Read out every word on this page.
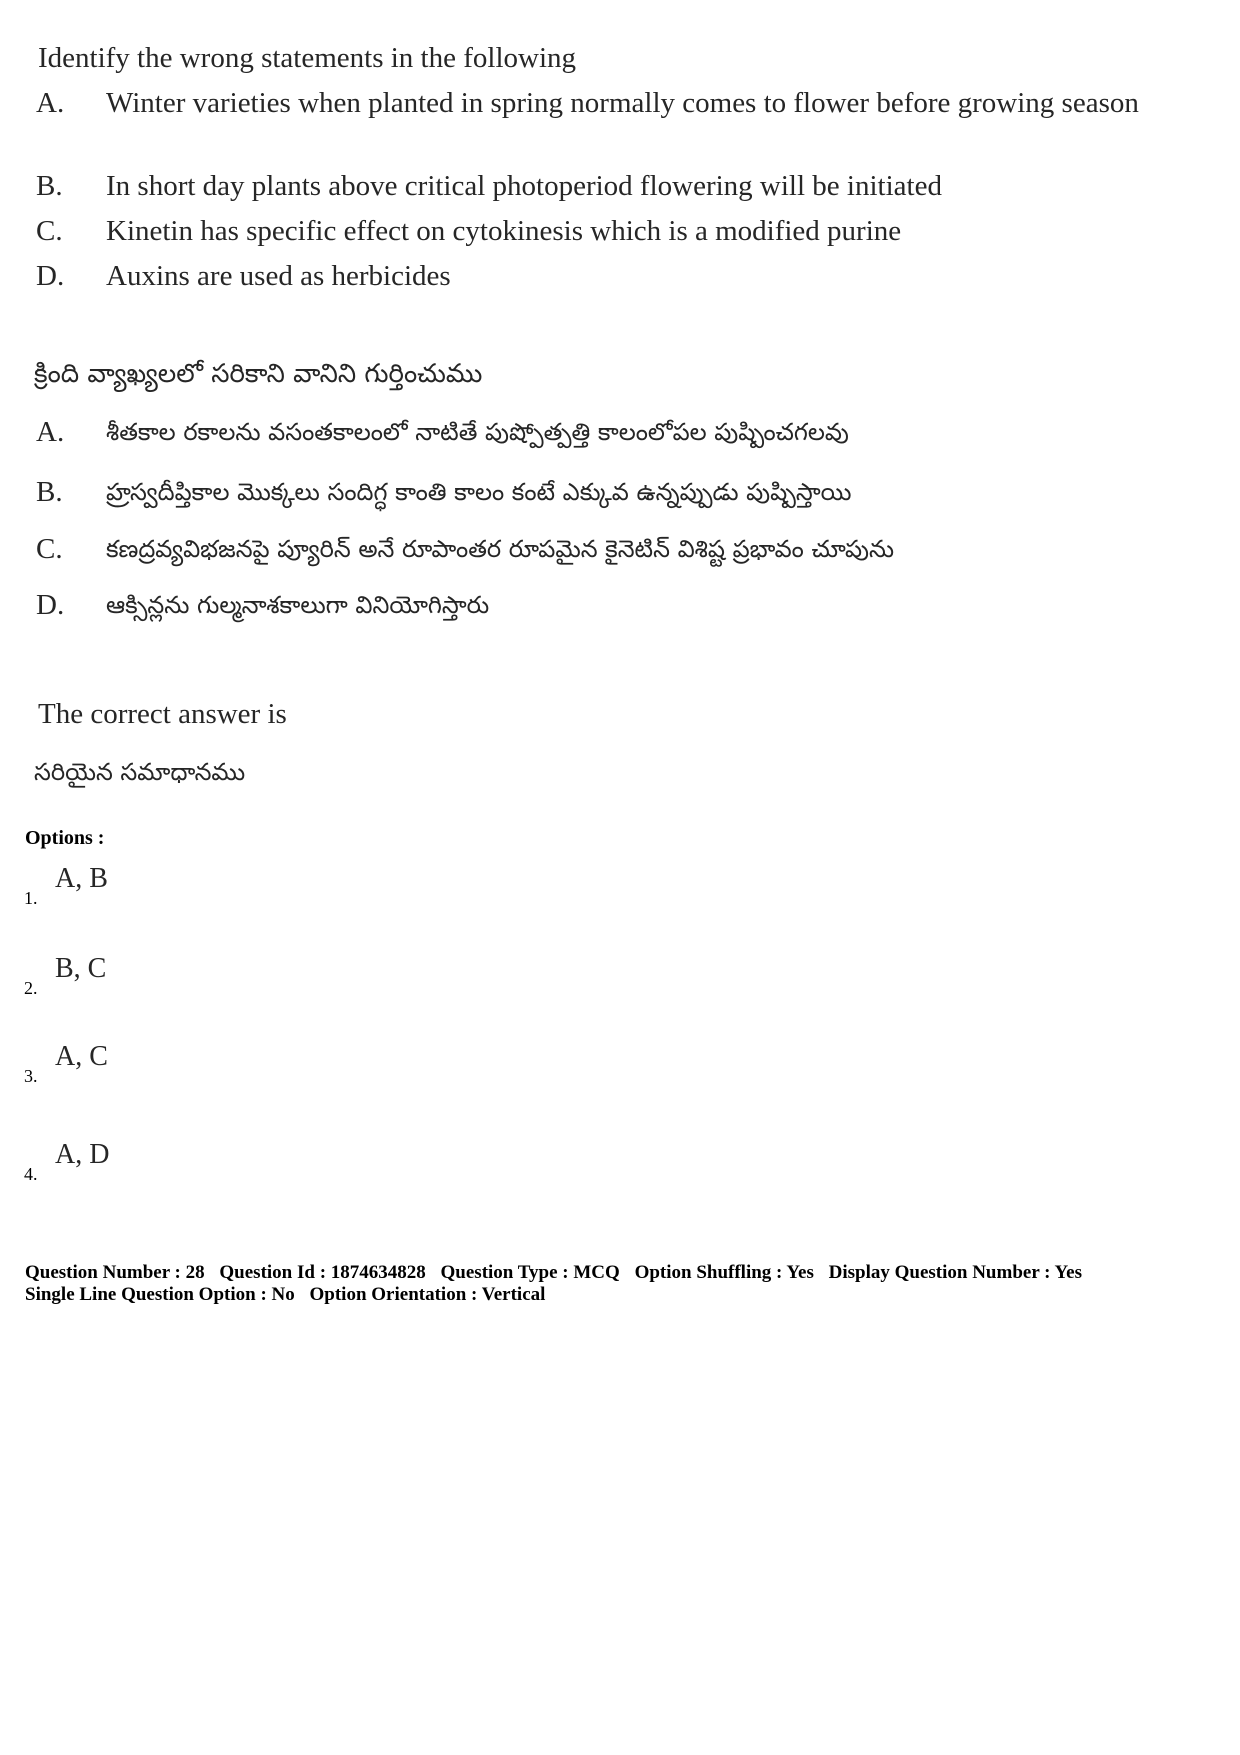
Identify the wrong statements in the following
A.	Winter varieties when planted in spring normally comes to flower before growing season
B.	In short day plants above critical photoperiod flowering will be initiated
C.	Kinetin has specific effect on cytokinesis which is a modified purine
D.	Auxins are used as herbicides
క్రింది వ్యాఖ్యలలో సరికాని వానిని గుర్తించుము
A.	శీతకాల రకాలను వసంతకాలంలో నాటితే పుష్పోత్పత్తి కాలంలోపల పుష్పించగలవు
B.	హ్రస్వదీప్తికాల మొక్కలు సందిగ్ధ కాంతి కాలం కంటే ఎక్కువ ఉన్నప్పుడు పుష్పిస్తాయి
C.	కణద్రవ్యవిభజనపై ప్యూరిన్ అనే రూపాంతర రూపమైన కైనెటిన్ విశిష్ట ప్రభావం చూపును
D.	ఆక్సిన్లను గుల్మనాశకాలుగా వినియోగిస్తారు
The correct answer is
సరియైన సమాధానము
Options :
1.
A, B
2.
B, C
3.
A, C
4.
A, D
Question Number : 28 Question Id : 1874634828 Question Type : MCQ Option Shuffling : Yes Display Question Number : Yes
Single Line Question Option : No Option Orientation : Vertical
